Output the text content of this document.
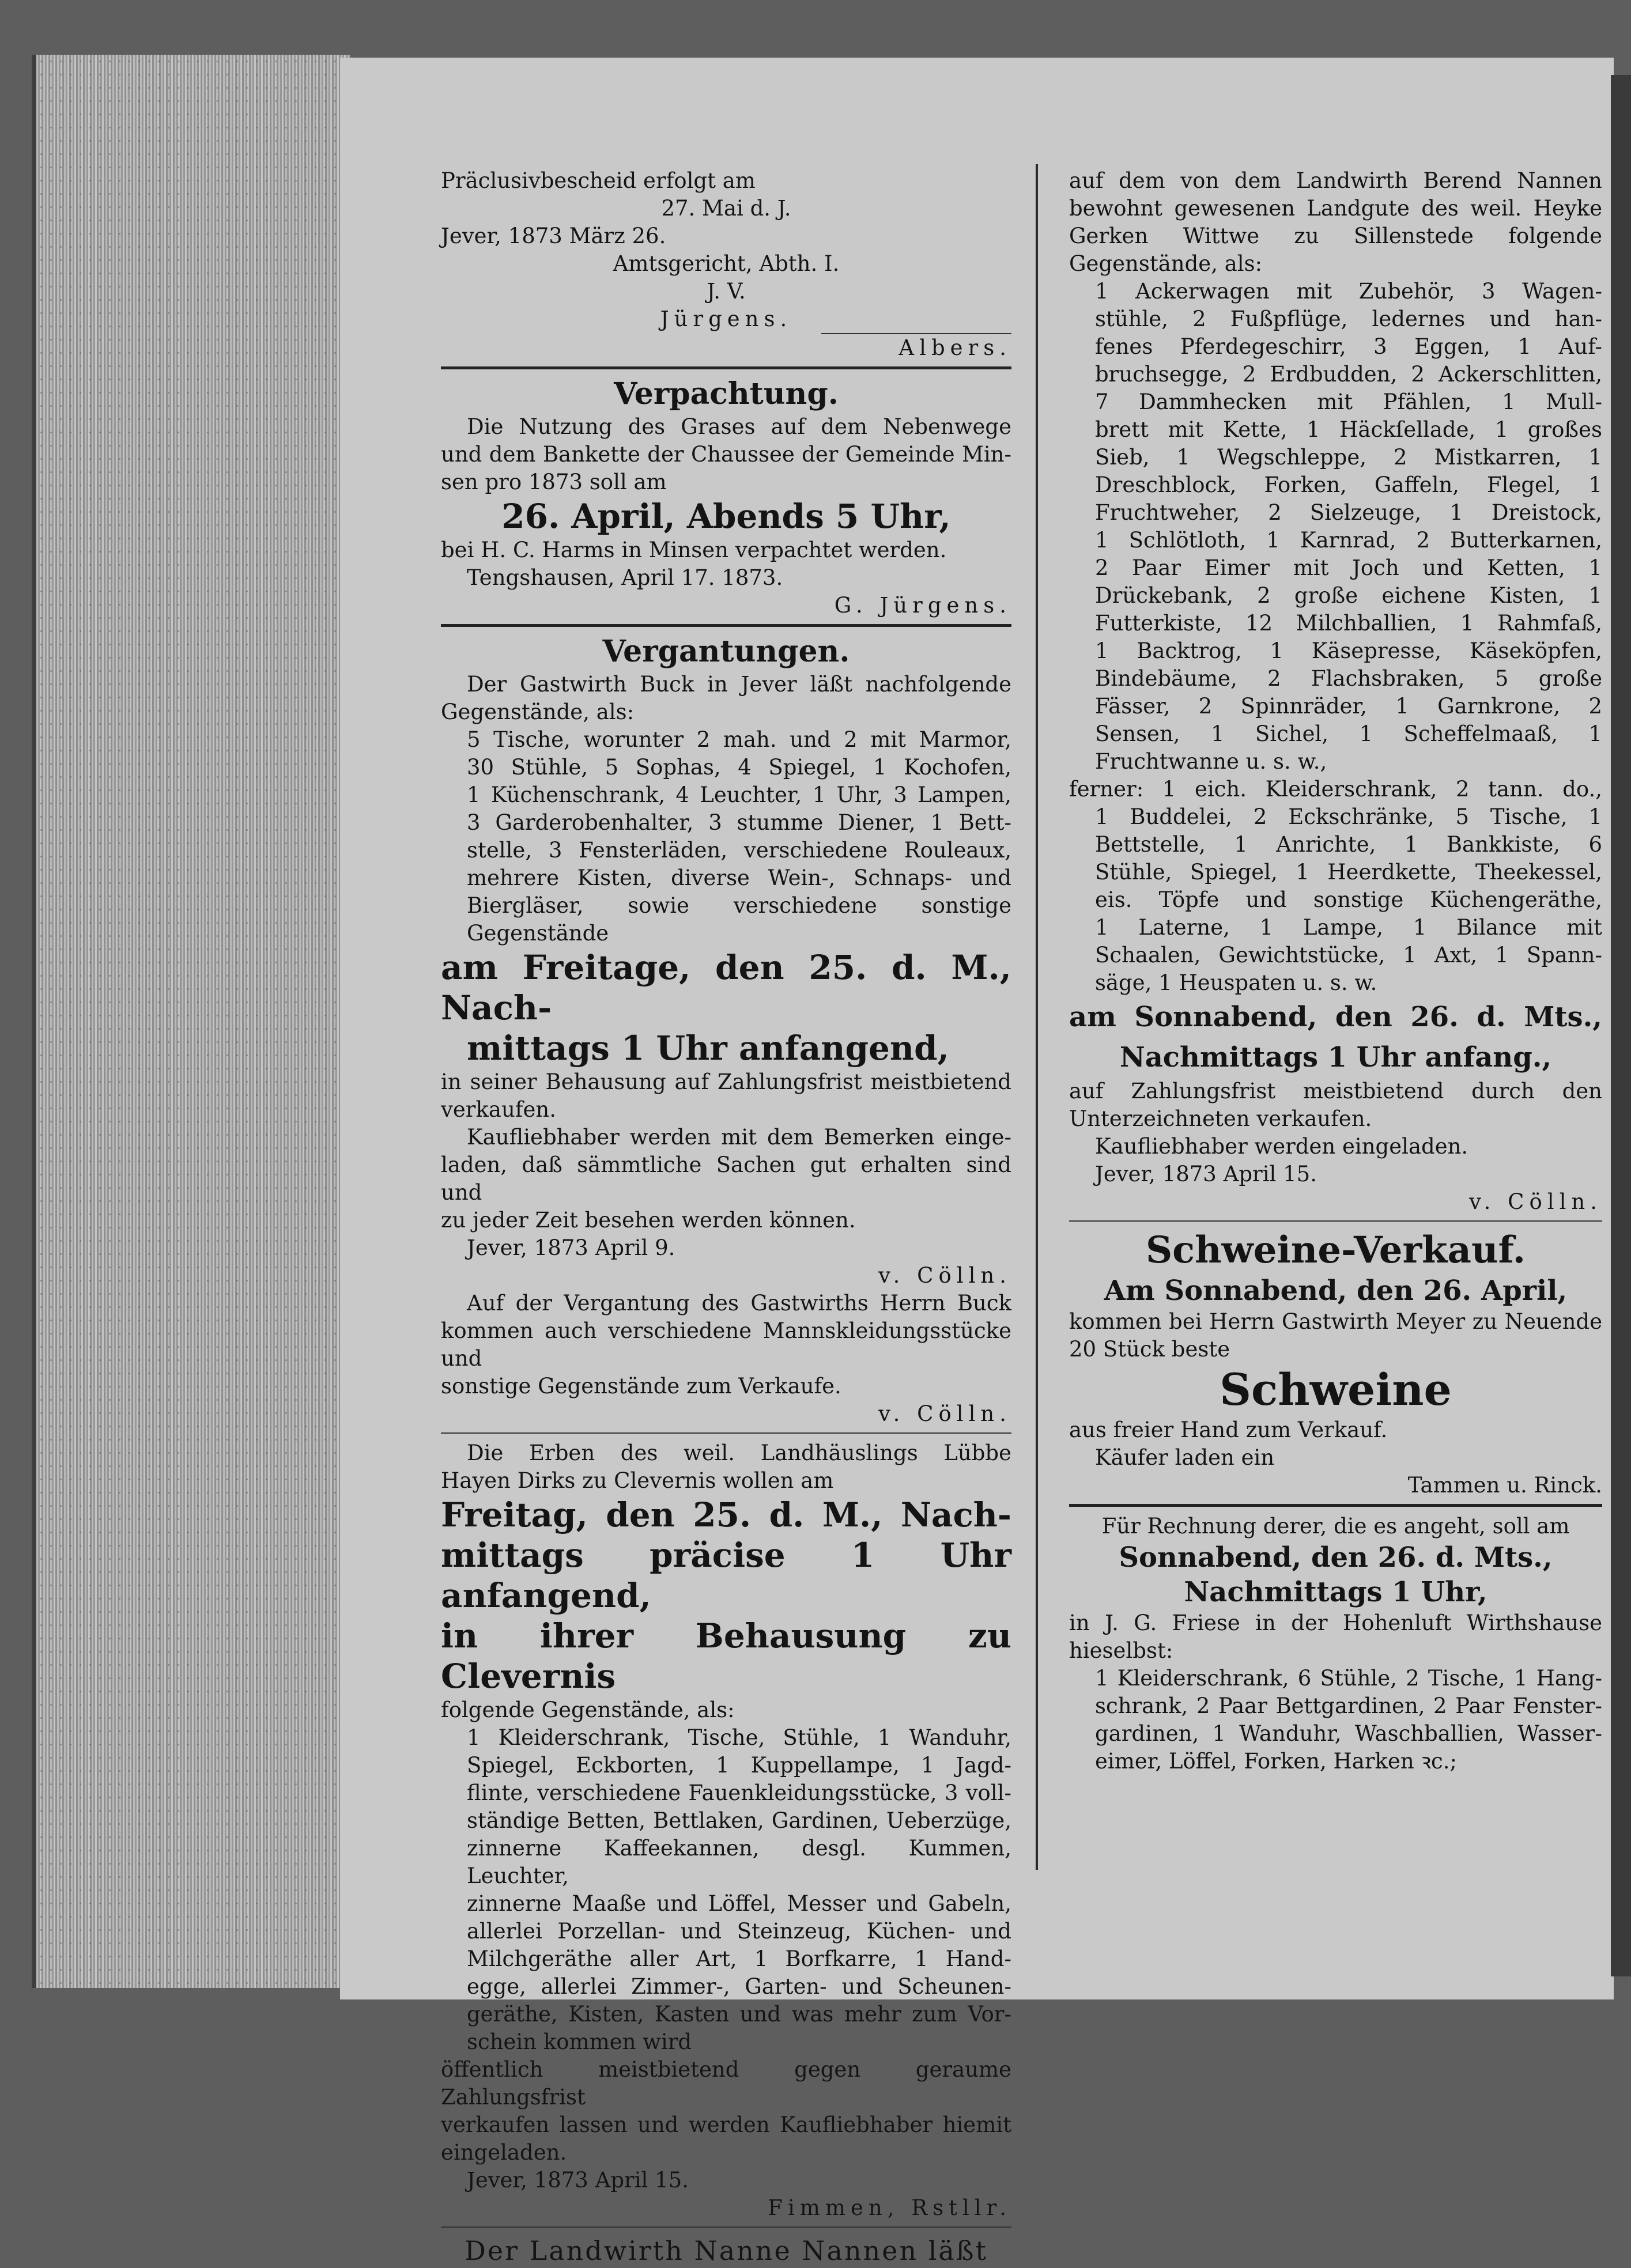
Präclusivbescheid erfolgt am

27. Mai d. J.

Jever, 1873 März 26.

Amtsgericht, Abth. I.

J. V.

Jürgens.

Albers.

Verpachtung.

Die Nutzung des Grases auf dem Nebenwege

und dem Bankette der Chaussee der Gemeinde Min-

sen pro 1873 soll am

26. April, Abends 5 Uhr,

bei H. C. Harms in Minsen verpachtet werden.

Tengshausen, April 17. 1873.

G. Jürgens.

Vergantungen.

Der Gastwirth Buck in Jever läßt nachfolgende

Gegenstände, als:

5 Tische, worunter 2 mah. und 2 mit Marmor,

30 Stühle, 5 Sophas, 4 Spiegel, 1 Kochofen,

1 Küchenschrank, 4 Leuchter, 1 Uhr, 3 Lampen,

3 Garderobenhalter, 3 stumme Diener, 1 Bett-

stelle, 3 Fensterläden, verschiedene Rouleaux,

mehrere Kisten, diverse Wein-, Schnaps- und

Biergläser, sowie verschiedene sonstige Gegenstände

am Freitage, den 25. d. M., Nach-

mittags 1 Uhr anfangend,

in seiner Behausung auf Zahlungsfrist meistbietend

verkaufen.

Kaufliebhaber werden mit dem Bemerken einge-

laden, daß sämmtliche Sachen gut erhalten sind und

zu jeder Zeit besehen werden können.

Jever, 1873 April 9.

v. Cölln.

Auf der Vergantung des Gastwirths Herrn Buck

kommen auch verschiedene Mannskleidungsstücke und

sonstige Gegenstände zum Verkaufe.

v. Cölln.

Die Erben des weil. Landhäuslings Lübbe

Hayen Dirks zu Clevernis wollen am

Freitag, den 25. d. M., Nach-

mittags präcise 1 Uhr anfangend,

in ihrer Behausung zu Clevernis

folgende Gegenstände, als:

1 Kleiderschrank, Tische, Stühle, 1 Wanduhr,

Spiegel, Eckborten, 1 Kuppellampe, 1 Jagd-

flinte, verschiedene Fauenkleidungsstücke, 3 voll-

ständige Betten, Bettlaken, Gardinen, Ueberzüge,

zinnerne Kaffeekannen, desgl. Kummen, Leuchter,

zinnerne Maaße und Löffel, Messer und Gabeln,

allerlei Porzellan- und Steinzeug, Küchen- und

Milchgeräthe aller Art, 1 Borfkarre, 1 Hand-

egge, allerlei Zimmer-, Garten- und Scheunen-

geräthe, Kisten, Kasten und was mehr zum Vor-

schein kommen wird

öffentlich meistbietend gegen geraume Zahlungsfrist

verkaufen lassen und werden Kaufliebhaber hiemit

eingeladen.

Jever, 1873 April 15.

Fimmen, Rstllr.

Der Landwirth Nanne Nannen läßt

auf dem von dem Landwirth Berend Nannen

bewohnt gewesenen Landgute des weil. Heyke

Gerken Wittwe zu Sillenstede folgende

Gegenstände, als:

1 Ackerwagen mit Zubehör, 3 Wagen-

stühle, 2 Fußpflüge, ledernes und han-

fenes Pferdegeschirr, 3 Eggen, 1 Auf-

bruchsegge, 2 Erdbudden, 2 Ackerschlitten,

7 Dammhecken mit Pfählen, 1 Mull-

brett mit Kette, 1 Häckſellade, 1 großes

Sieb, 1 Wegschleppe, 2 Mistkarren, 1

Dreschblock, Forken, Gaffeln, Flegel, 1

Fruchtweher, 2 Sielzeuge, 1 Dreistock,

1 Schlötloth, 1 Karnrad, 2 Butterkarnen,

2 Paar Eimer mit Joch und Ketten, 1

Drückebank, 2 große eichene Kisten, 1

Futterkiste, 12 Milchballien, 1 Rahmfaß,

1 Backtrog, 1 Käsepresse, Käseköpfen,

Bindebäume, 2 Flachsbraken, 5 große

Fässer, 2 Spinnräder, 1 Garnkrone, 2

Sensen, 1 Sichel, 1 Scheffelmaaß, 1

Fruchtwanne u. s. w.,

ferner: 1 eich. Kleiderschrank, 2 tann. do.,

1 Buddelei, 2 Eckschränke, 5 Tische, 1

Bettstelle, 1 Anrichte, 1 Bankkiste, 6

Stühle, Spiegel, 1 Heerdkette, Theekessel,

eis. Töpfe und sonstige Küchengeräthe,

1 Laterne, 1 Lampe, 1 Bilance mit

Schaalen, Gewichtstücke, 1 Axt, 1 Spann-

säge, 1 Heuspaten u. s. w.

am Sonnabend, den 26. d. Mts.,

Nachmittags 1 Uhr anfang.,

auf Zahlungsfrist meistbietend durch den

Unterzeichneten verkaufen.

Kaufliebhaber werden eingeladen.

Jever, 1873 April 15.

v. Cölln.

Schweine-Verkauf.

Am Sonnabend, den 26. April,

kommen bei Herrn Gastwirth Meyer zu Neuende

20 Stück beste

Schweine

aus freier Hand zum Verkauf.

Käufer laden ein

Tammen u. Rinck.

Für Rechnung derer, die es angeht, soll am

Sonnabend, den 26. d. Mts.,

Nachmittags 1 Uhr,

in J. G. Friese in der Hohenluft Wirthshause

hieselbst:

1 Kleiderschrank, 6 Stühle, 2 Tische, 1 Hang-

schrank, 2 Paar Bettgardinen, 2 Paar Fenster-

gardinen, 1 Wanduhr, Waschballien, Wasser-

eimer, Löffel, Forken, Harken ꝛc.;
